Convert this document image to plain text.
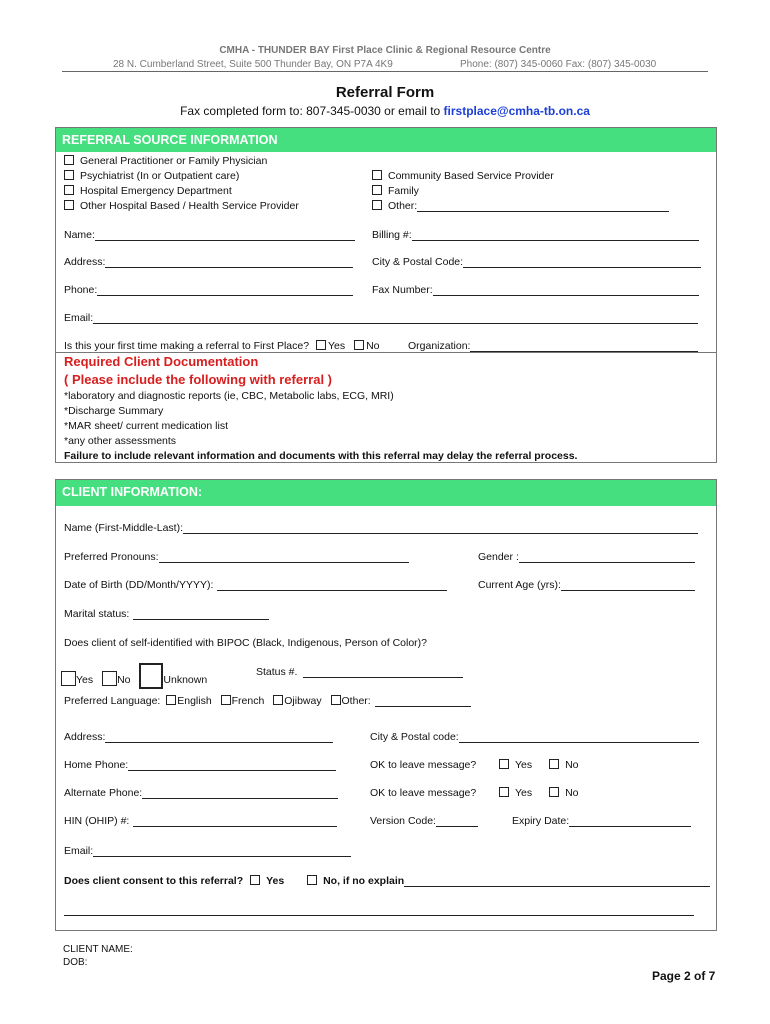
CMHA - THUNDER BAY First Place Clinic & Regional Resource Centre
28 N. Cumberland Street, Suite 500 Thunder Bay, ON P7A 4K9	Phone: (807) 345-0060 Fax: (807) 345-0030
Referral Form
Fax completed form to: 807-345-0030 or email to firstplace@cmha-tb.on.ca
REFERRAL SOURCE INFORMATION
General Practitioner or Family Physician
Psychiatrist (In or Outpatient care)
Hospital Emergency Department
Other Hospital Based / Health Service Provider
Community Based Service Provider
Family
Other:
Name:	Billing #:
Address:	City & Postal Code:
Phone:	Fax Number:
Email:
Is this your first time making a referral to First Place? Yes No	Organization:
Required Client Documentation
( Please include the following with referral )
*laboratory and diagnostic reports (ie, CBC, Metabolic labs, ECG, MRI)
*Discharge Summary
*MAR sheet/ current medication list
*any other assessments
Failure to include relevant information and documents with this referral may delay the referral process.
CLIENT INFORMATION:
Name (First-Middle-Last):
Preferred Pronouns:	Gender :
Date of Birth (DD/Month/YYYY):	Current Age (yrs):
Marital status:
Does client of self-identified with BIPOC (Black, Indigenous, Person of Color)?
Yes No	Unknown
Status #.
Preferred Language: English French Ojibway Other:
Address:	City & Postal code:
Home Phone:	OK to leave message?	Yes	No
Alternate Phone:	OK to leave message?	Yes	No
HIN (OHIP) #:	Version Code:	Expiry Date:
Email:
Does client consent to this referral? Yes	No, if no explain
CLIENT NAME:
DOB:
Page 2 of 7
